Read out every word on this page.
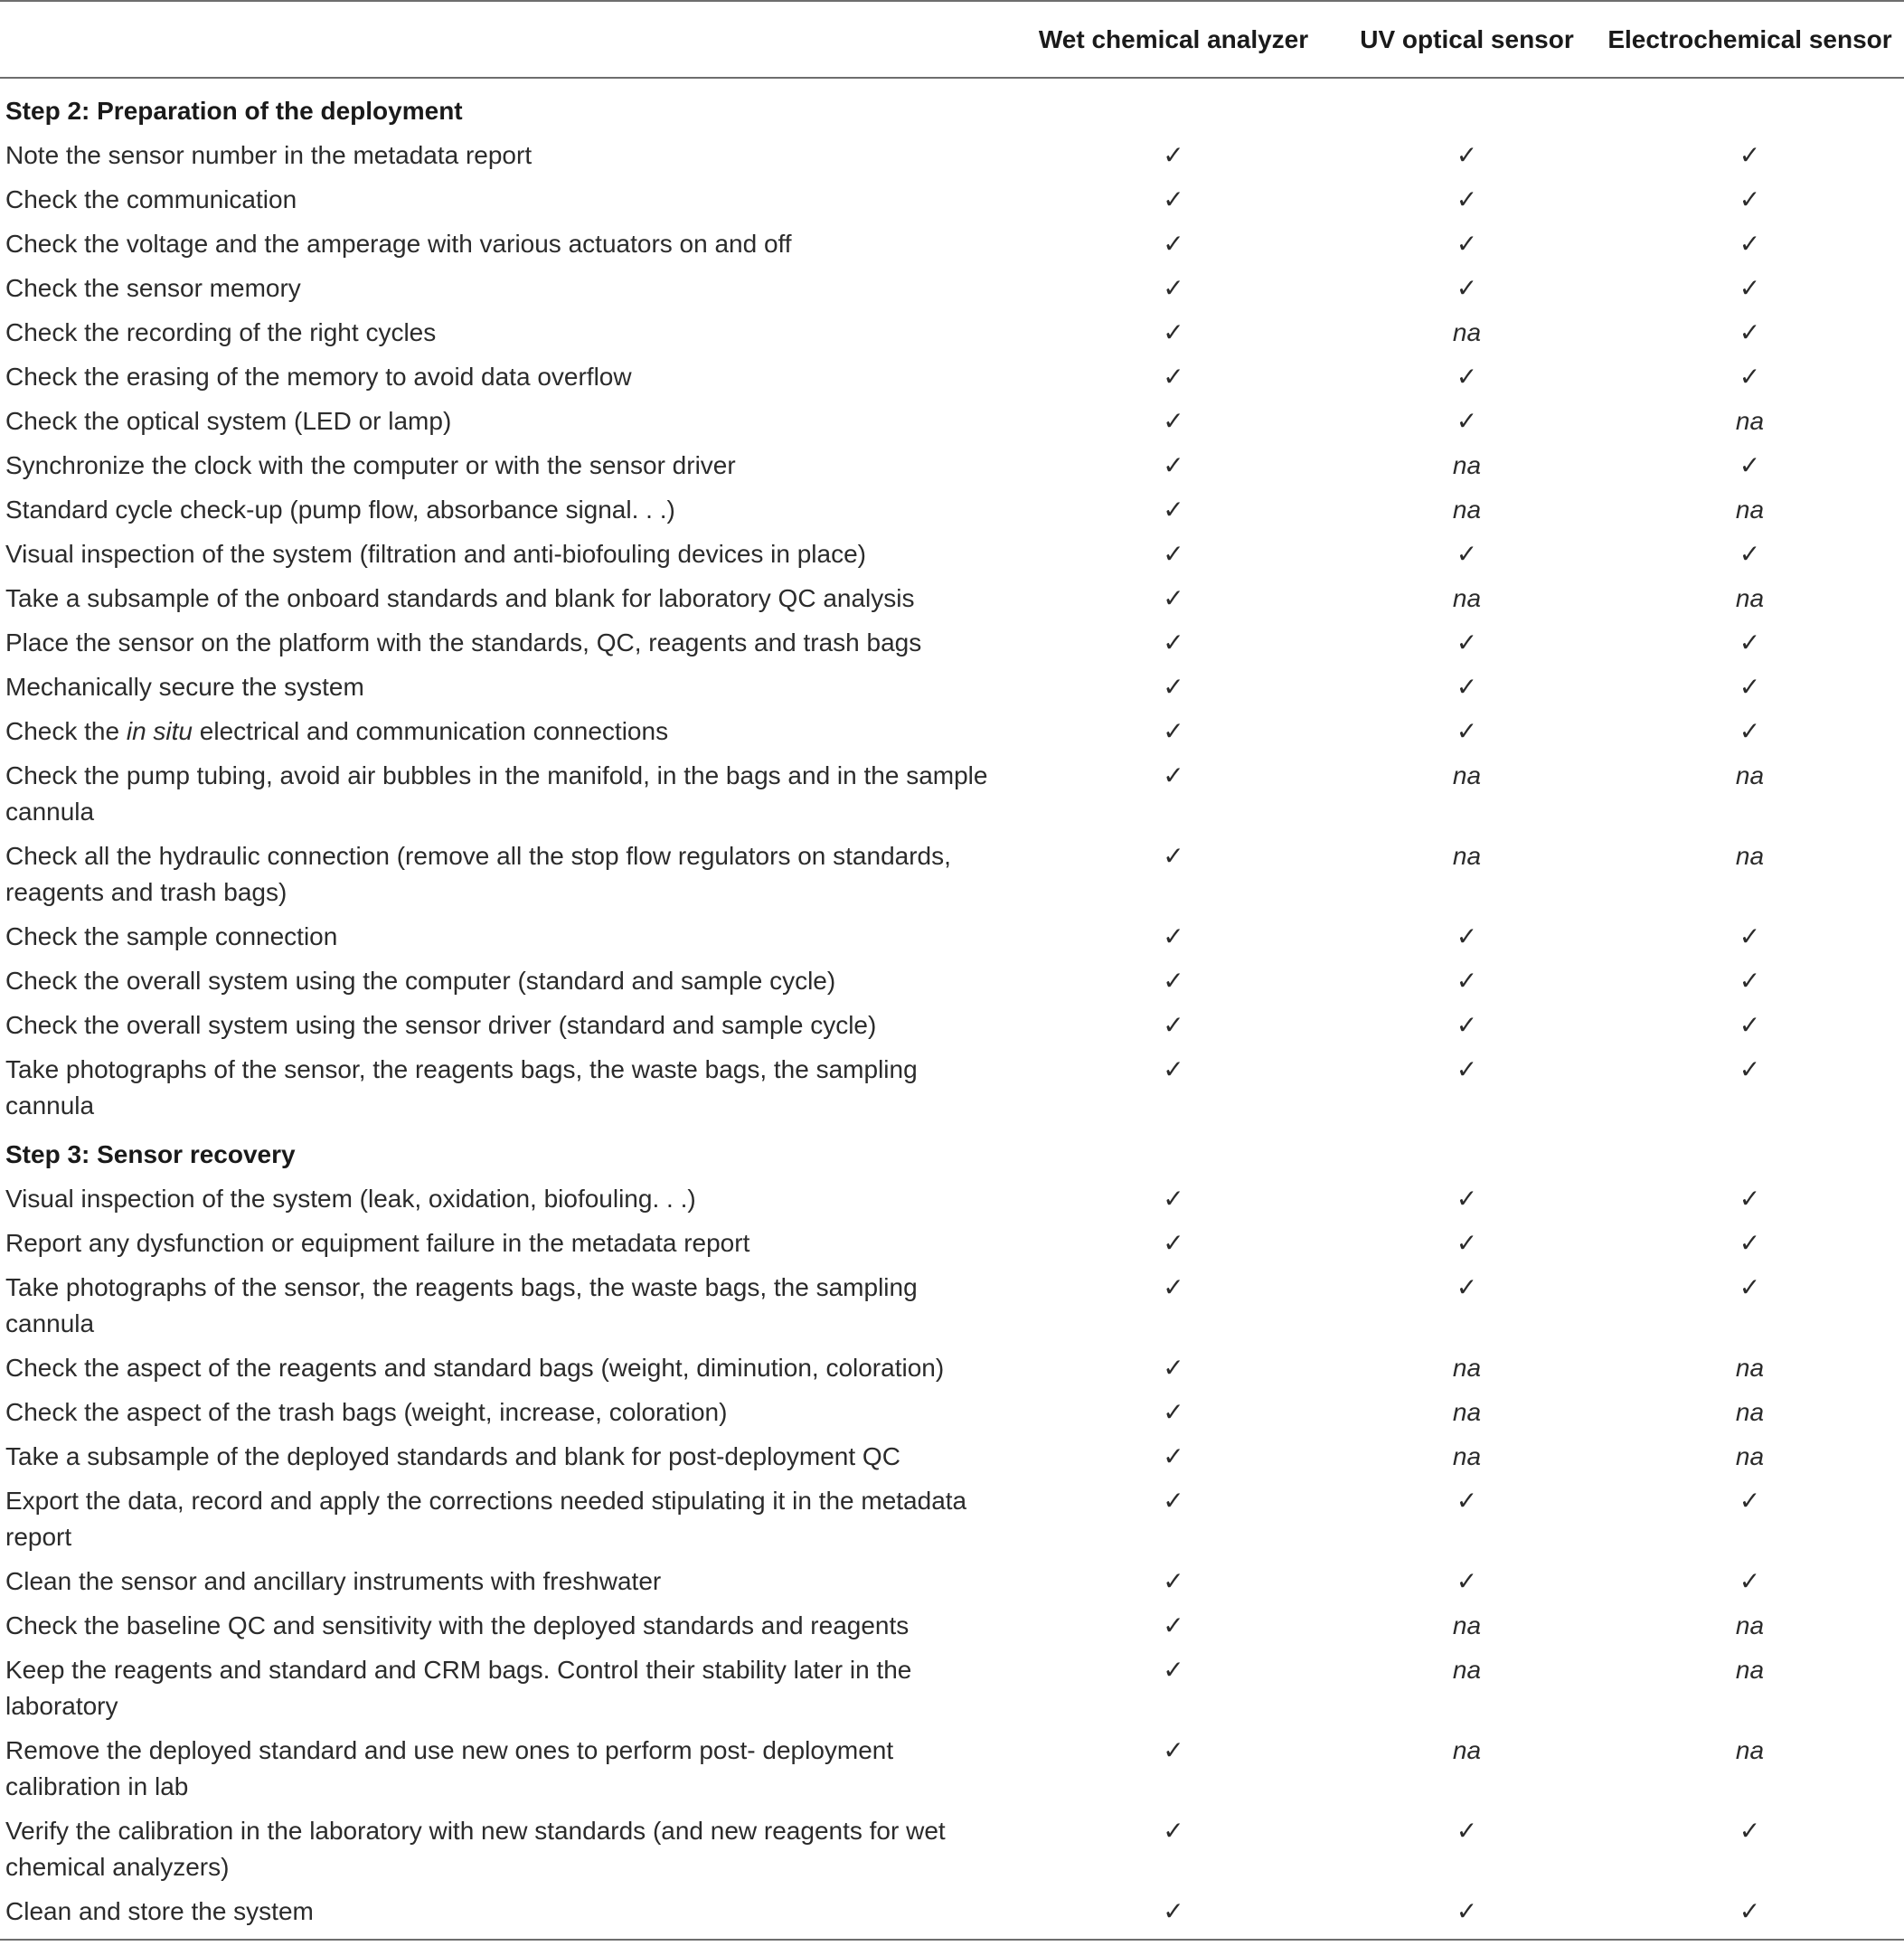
	Wet chemical analyzer	UV optical sensor	Electrochemical sensor
Step 2: Preparation of the deployment			
Note the sensor number in the metadata report	✓	✓	✓
Check the communication	✓	✓	✓
Check the voltage and the amperage with various actuators on and off	✓	✓	✓
Check the sensor memory	✓	✓	✓
Check the recording of the right cycles	✓	na	✓
Check the erasing of the memory to avoid data overflow	✓	✓	✓
Check the optical system (LED or lamp)	✓	✓	na
Synchronize the clock with the computer or with the sensor driver	✓	na	✓
Standard cycle check-up (pump flow, absorbance signal. . .)	✓	na	na
Visual inspection of the system (filtration and anti-biofouling devices in place)	✓	✓	✓
Take a subsample of the onboard standards and blank for laboratory QC analysis	✓	na	na
Place the sensor on the platform with the standards, QC, reagents and trash bags	✓	✓	✓
Mechanically secure the system	✓	✓	✓
Check the in situ electrical and communication connections	✓	✓	✓
Check the pump tubing, avoid air bubbles in the manifold, in the bags and in the sample cannula	✓	na	na
Check all the hydraulic connection (remove all the stop flow regulators on standards, reagents and trash bags)	✓	na	na
Check the sample connection	✓	✓	✓
Check the overall system using the computer (standard and sample cycle)	✓	✓	✓
Check the overall system using the sensor driver (standard and sample cycle)	✓	✓	✓
Take photographs of the sensor, the reagents bags, the waste bags, the sampling cannula	✓	✓	✓
Step 3: Sensor recovery			
Visual inspection of the system (leak, oxidation, biofouling. . .)	✓	✓	✓
Report any dysfunction or equipment failure in the metadata report	✓	✓	✓
Take photographs of the sensor, the reagents bags, the waste bags, the sampling cannula	✓	✓	✓
Check the aspect of the reagents and standard bags (weight, diminution, coloration)	✓	na	na
Check the aspect of the trash bags (weight, increase, coloration)	✓	na	na
Take a subsample of the deployed standards and blank for post-deployment QC	✓	na	na
Export the data, record and apply the corrections needed stipulating it in the metadata report	✓	✓	✓
Clean the sensor and ancillary instruments with freshwater	✓	✓	✓
Check the baseline QC and sensitivity with the deployed standards and reagents	✓	na	na
Keep the reagents and standard and CRM bags. Control their stability later in the laboratory	✓	na	na
Remove the deployed standard and use new ones to perform post- deployment calibration in lab	✓	na	na
Verify the calibration in the laboratory with new standards (and new reagents for wet chemical analyzers)	✓	✓	✓
Clean and store the system	✓	✓	✓
